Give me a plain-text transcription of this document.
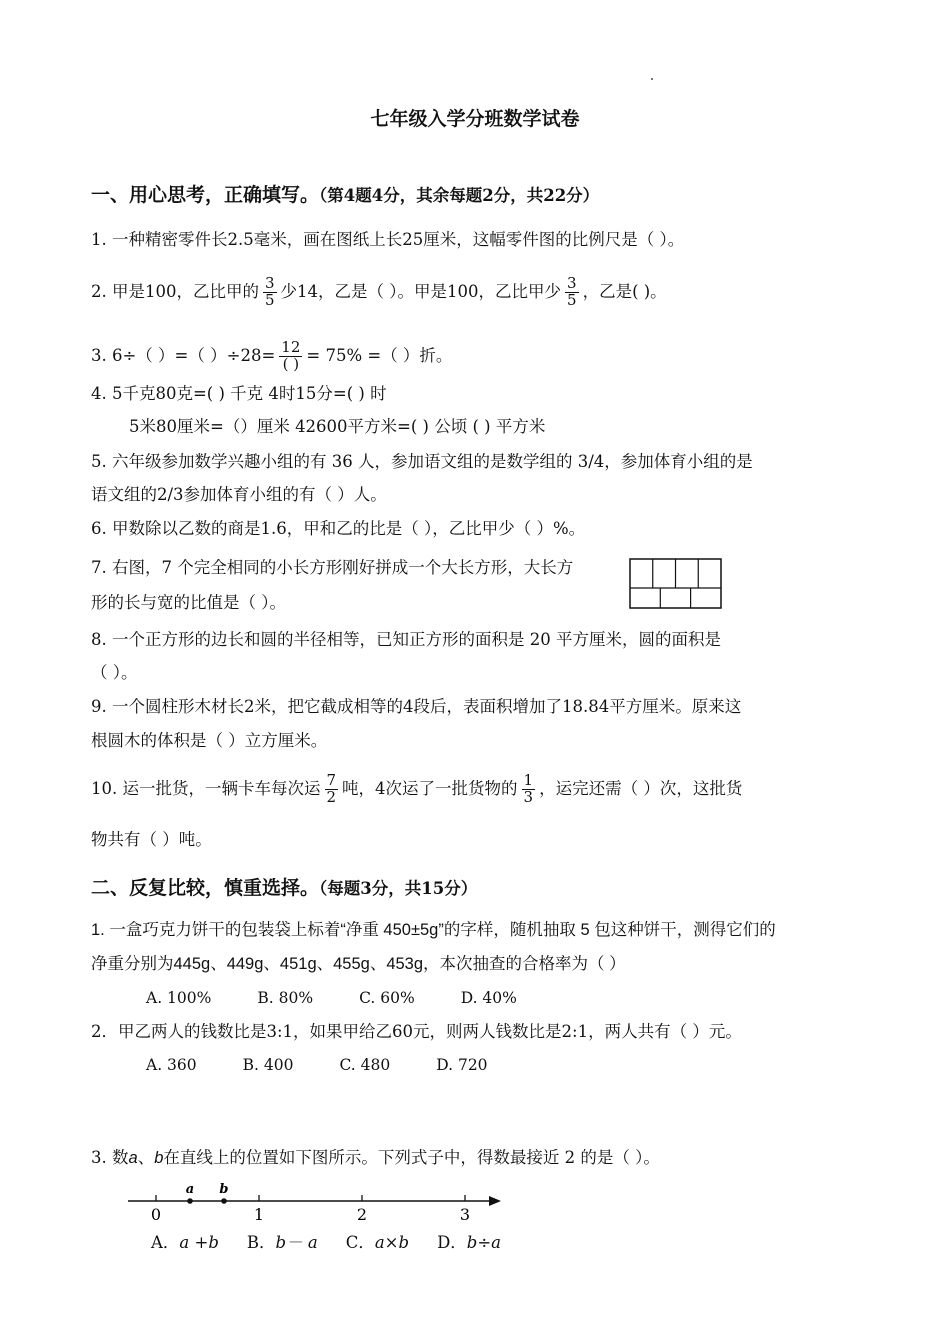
七年级入学分班数学试卷
一、用心思考，正确填写。（第4题4分，其余每题2分，共22分）
1. 一种精密零件长2.5毫米，画在图纸上长25厘米，这幅零件图的比例尺是（ ）。
2. 甲是100，乙比甲的 $\frac{3}{5}$ 少14，乙是（ ）。甲是100，乙比甲少 $\frac{3}{5}$ ，乙是( )。
3. 6÷（ ）=（ ）$\div 28= \frac{12}{( )} = 75\%$ =（ ）折。
4. 5千克80克=( ) 千克 4时15分=( ) 时
5米80厘米=（）厘米 42600平方米=( ) 公顷 ( ) 平方米
5. 六年级参加数学兴趣小组的有 36 人，参加语文组的是数学组的 3/4，参加体育小组的是
语文组的2/3参加体育小组的有（ ）人。
6. 甲数除以乙数的商是1.6，甲和乙的比是（ ），乙比甲少（ ）%。
7. 右图，7 个完全相同的小长方形刚好拼成一个大长方形，大长方
形的长与宽的比值是（ ）。
8. 一个正方形的边长和圆的半径相等，已知正方形的面积是 20 平方厘米，圆的面积是
（ ）。
9. 一个圆柱形木材长2米，把它截成相等的4段后，表面积增加了18.84平方厘米。原来这
根圆木的体积是（ ）立方厘米。
10. 运一批货，一辆卡车每次运 $\frac{7}{2}$ 吨，4次运了一批货物的 $\frac{1}{3}$ ，运完还需（ ）次，这批货
物共有（ ）吨。
二、反复比较，慎重选择。（每题3分，共15分）
1. 一盒巧克力饼干的包装袋上标着“净重 450±5g”的字样，随机抽取 5 包这种饼干，测得它们的
净重分别为445g、449g、451g、455g、453g，本次抽查的合格率为（ ）
A. 100%	B. 80%	C. 60%	D. 40%
2．甲乙两人的钱数比是3:1，如果甲给乙60元，则两人钱数比是2:1，两人共有（ ）元。
A. 360	B. 400	C. 480	D. 720
3. 数a、b在直线上的位置如下图所示。下列式子中，得数最接近 2 的是（ ）。
0	1	2	3
a b
A．a +b B．b－ a C．a×b D．b÷a
